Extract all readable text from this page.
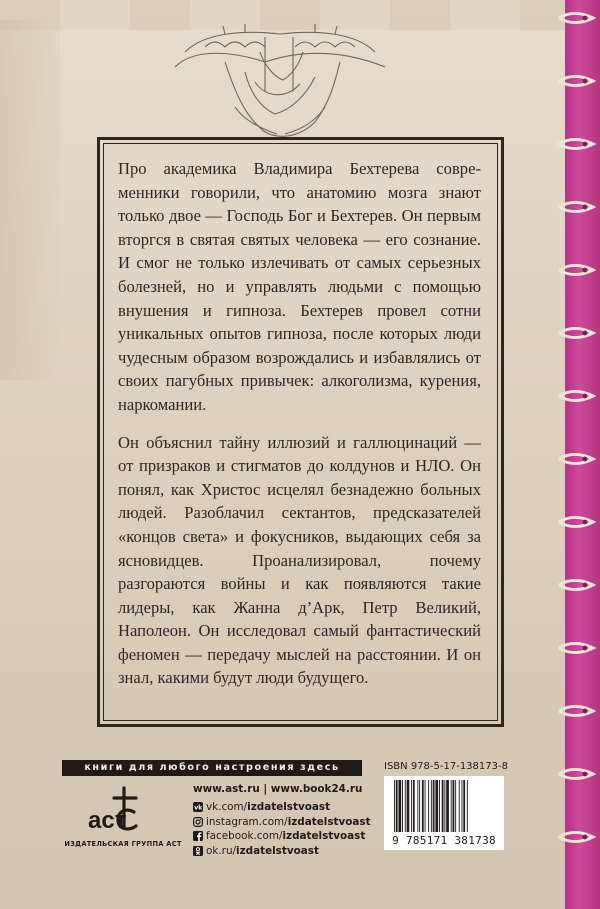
Про академика Владимира Бехтерева современники говорили, что анатомию мозга знают только двое — Господь Бог и Бехтерев. Он первым вторгся в святая святых человека — его сознание. И смог не только излечивать от самых серьезных болезней, но и управлять людьми с помощью внушения и гипноза. Бехтерев провел сотни уникальных опытов гипноза, после которых люди чудесным образом возрождались и избавлялись от своих пагубных привычек: алкоголизма, курения, наркомании.

Он объяснил тайну иллюзий и галлюцинаций — от призраков и стигматов до колдунов и НЛО. Он понял, как Христос исцелял безнадежно больных людей. Разоблачил сектантов, предсказателей «концов света» и фокусников, выдающих себя за ясновидцев. Проанализировал, почему разгораются войны и как появляются такие лидеры, как Жанна д’Арк, Петр Великий, Наполеон. Он исследовал самый фантастический феномен — передачу мыслей на расстоянии. И он знал, какими будут люди будущего.

книги для любого настроения здесь
аст
ИЗДАТЕЛЬСКАЯ ГРУППА АСТ
www.ast.ru | www.book24.ru
vk vk.com/ izdatelstvoast
instagram.com/ izdatelstvoast
facebook.com/ izdatelstvoast
ok.ru/ izdatelstvoast
ISBN 978-5-17-138173-8
9 785171 381738
